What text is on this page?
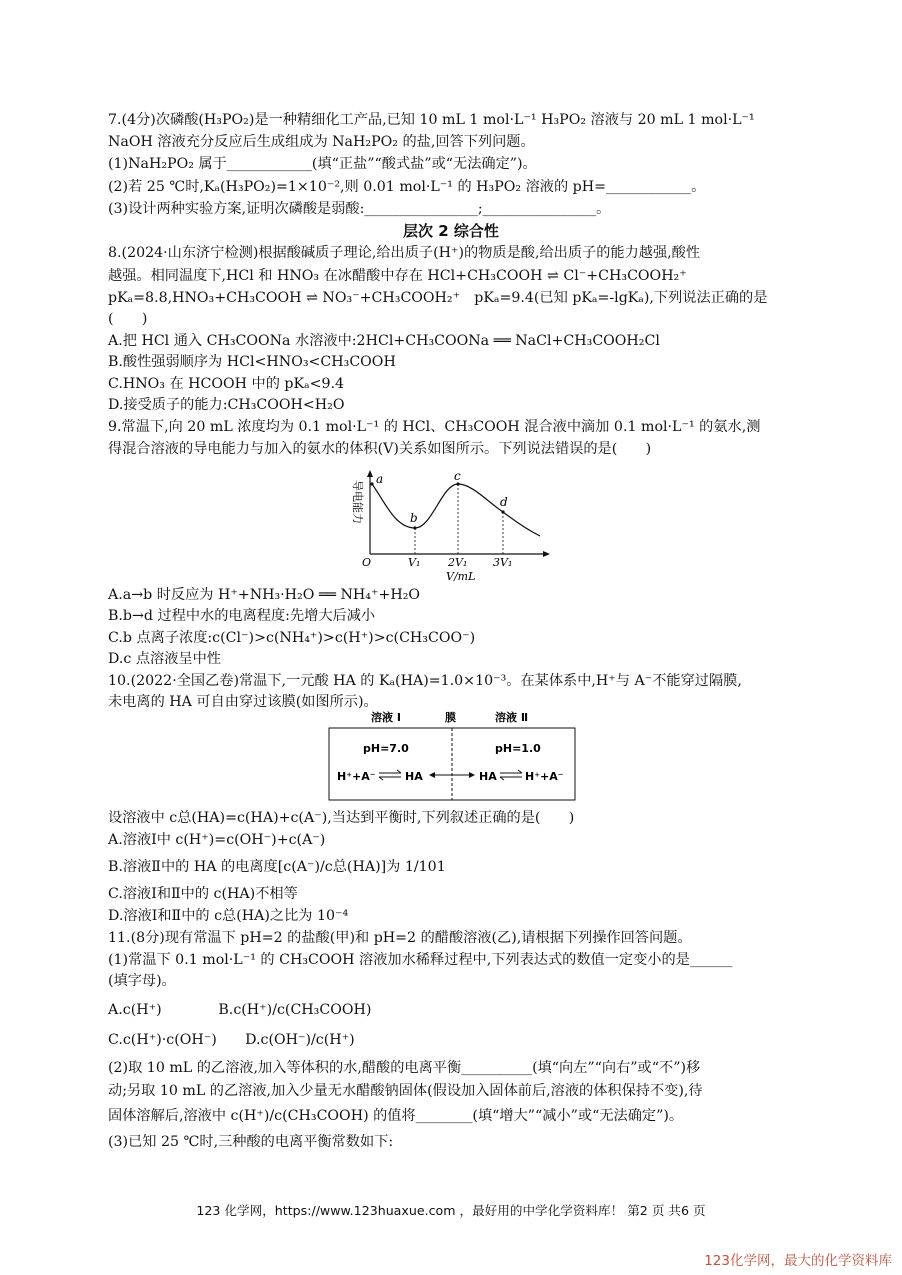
7.(4分)次磷酸(H₃PO₂)是一种精细化工产品,已知 10 mL 1 mol·L⁻¹ H₃PO₂ 溶液与 20 mL 1 mol·L⁻¹
NaOH 溶液充分反应后生成组成为 NaH₂PO₂ 的盐,回答下列问题。
(1)NaH₂PO₂ 属于____________(填“正盐”“酸式盐”或“无法确定”)。
(2)若 25 ℃时,Kₐ(H₃PO₂)=1×10⁻²,则 0.01 mol·L⁻¹ 的 H₃PO₂ 溶液的 pH=____________。
(3)设计两种实验方案,证明次磷酸是弱酸:________________;________________。
层次 2 综合性
8.(2024·山东济宁检测)根据酸碱质子理论,给出质子(H⁺)的物质是酸,给出质子的能力越强,酸性
越强。相同温度下,HCl 和 HNO₃ 在冰醋酸中存在 HCl+CH₃COOH ⇌ Cl⁻+CH₃COOH₂⁺
pKₐ=8.8,HNO₃+CH₃COOH ⇌ NO₃⁻+CH₃COOH₂⁺　pKₐ=9.4(已知 pKₐ=-lgKₐ),下列说法正确的是
(　　)
A.把 HCl 通入 CH₃COONa 水溶液中:2HCl+CH₃COONa ══ NaCl+CH₃COOH₂Cl
B.酸性强弱顺序为 HCl<HNO₃<CH₃COOH
C.HNO₃ 在 HCOOH 中的 pKₐ<9.4
D.接受质子的能力:CH₃COOH<H₂O
9.常温下,向 20 mL 浓度均为 0.1 mol·L⁻¹ 的 HCl、CH₃COOH 混合液中滴加 0.1 mol·L⁻¹ 的氨水,测
得混合溶液的导电能力与加入的氨水的体积(V)关系如图所示。下列说法错误的是(　　)
a
b
c
d
导电能力
O	V₁	2V₁ 3V₁
V/mL
A.a→b 时反应为 H⁺+NH₃·H₂O ══ NH₄⁺+H₂O
B.b→d 过程中水的电离程度:先增大后减小
C.b 点离子浓度:c(Cl⁻)>c(NH₄⁺)>c(H⁺)>c(CH₃COO⁻)
D.c 点溶液呈中性
10.(2022·全国乙卷)常温下,一元酸 HA 的 Kₐ(HA)=1.0×10⁻³。在某体系中,H⁺与 A⁻不能穿过隔膜,
未电离的 HA 可自由穿过该膜(如图所示)。
溶液 Ⅰ	膜	溶液 Ⅱ
pH=7.0	pH=1.0
H⁺+A⁻	HA	HA	H⁺+A⁻
设溶液中 c总(HA)=c(HA)+c(A⁻),当达到平衡时,下列叙述正确的是(　　)
A.溶液Ⅰ中 c(H⁺)=c(OH⁻)+c(A⁻)
B.溶液Ⅱ中的 HA 的电离度[c(A⁻)/c总(HA)]为 1/101
C.溶液Ⅰ和Ⅱ中的 c(HA)不相等
D.溶液Ⅰ和Ⅱ中的 c总(HA)之比为 10⁻⁴
11.(8分)现有常温下 pH=2 的盐酸(甲)和 pH=2 的醋酸溶液(乙),请根据下列操作回答问题。
(1)常温下 0.1 mol·L⁻¹ 的 CH₃COOH 溶液加水稀释过程中,下列表达式的数值一定变小的是______
(填字母)。
A.c(H⁺)　　　　B.c(H⁺)/c(CH₃COOH)
C.c(H⁺)·c(OH⁻)　　D.c(OH⁻)/c(H⁺)
(2)取 10 mL 的乙溶液,加入等体积的水,醋酸的电离平衡__________(填“向左”“向右”或“不”)移
动;另取 10 mL 的乙溶液,加入少量无水醋酸钠固体(假设加入固体前后,溶液的体积保持不变),待
固体溶解后,溶液中 c(H⁺)/c(CH₃COOH) 的值将________(填“增大”“减小”或“无法确定”)。
(3)已知 25 ℃时,三种酸的电离平衡常数如下:
123 化学网，https://www.123huaxue.com ，最好用的中学化学资料库！ 第2 页 共6 页
123化学网，最大的化学资料库
